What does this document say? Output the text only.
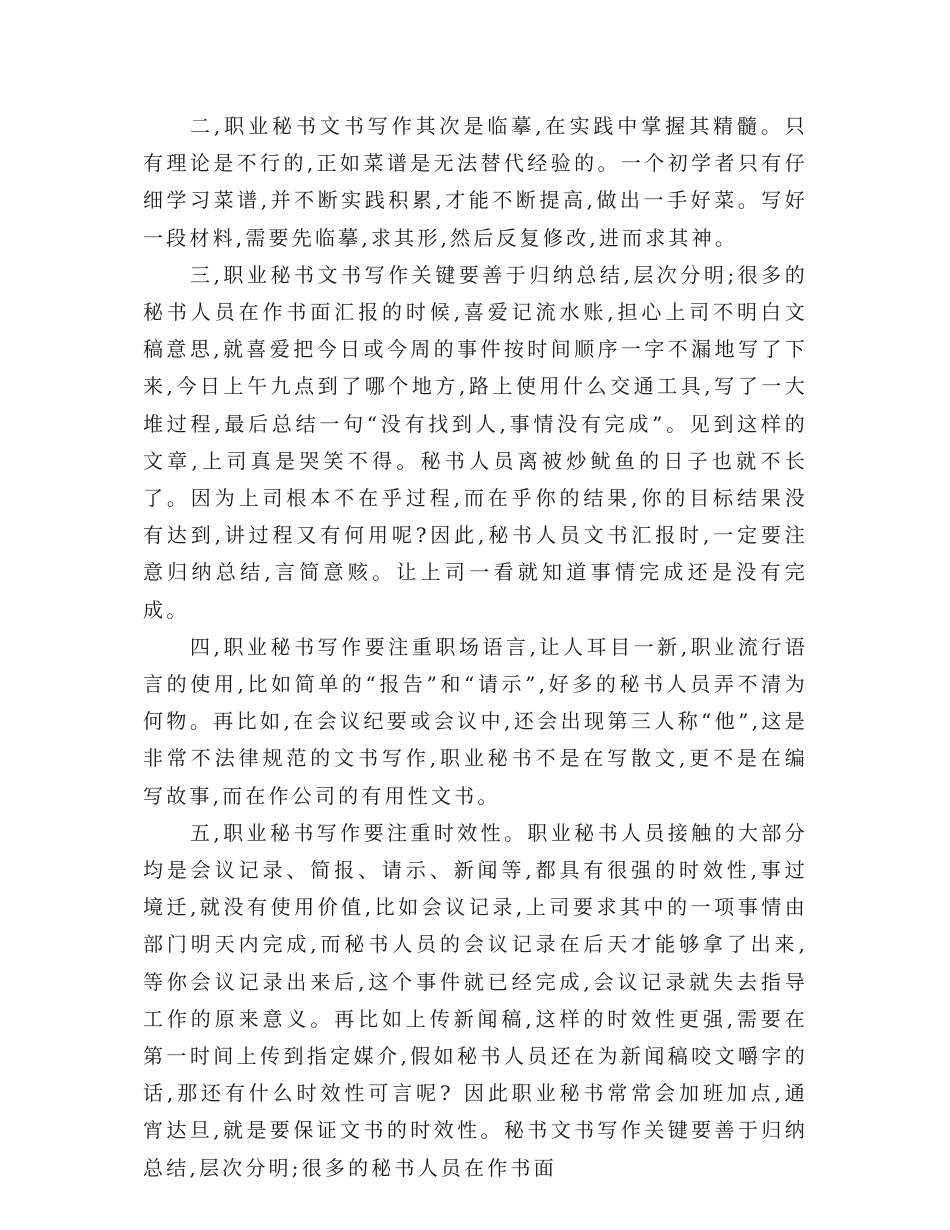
二,职业秘书文书写作其次是临摹,在实践中掌握其精髓。只有理论是不行的,正如菜谱是无法替代经验的。一个初学者只有仔细学习菜谱,并不断实践积累,才能不断提高,做出一手好菜。写好一段材料,需要先临摹,求其形,然后反复修改,进而求其神。

三,职业秘书文书写作关键要善于归纳总结,层次分明;很多的秘书人员在作书面汇报的时候,喜爱记流水账,担心上司不明白文稿意思,就喜爱把今日或今周的事件按时间顺序一字不漏地写了下来,今日上午九点到了哪个地方,路上使用什么交通工具,写了一大堆过程,最后总结一句“没有找到人,事情没有完成”。见到这样的文章,上司真是哭笑不得。秘书人员离被炒鱿鱼的日子也就不长了。因为上司根本不在乎过程,而在乎你的结果,你的目标结果没有达到,讲过程又有何用呢?因此,秘书人员文书汇报时,一定要注意归纳总结,言简意赅。让上司一看就知道事情完成还是没有完成。

四,职业秘书写作要注重职场语言,让人耳目一新,职业流行语言的使用,比如简单的“报告”和“请示”,好多的秘书人员弄不清为何物。再比如,在会议纪要或会议中,还会出现第三人称“他”,这是非常不法律规范的文书写作,职业秘书不是在写散文,更不是在编写故事,而在作公司的有用性文书。

五,职业秘书写作要注重时效性。职业秘书人员接触的大部分均是会议记录、简报、请示、新闻等,都具有很强的时效性,事过境迁,就没有使用价值,比如会议记录,上司要求其中的一项事情由部门明天内完成,而秘书人员的会议记录在后天才能够拿了出来,等你会议记录出来后,这个事件就已经完成,会议记录就失去指导工作的原来意义。再比如上传新闻稿,这样的时效性更强,需要在第一时间上传到指定媒介,假如秘书人员还在为新闻稿咬文嚼字的话,那还有什么时效性可言呢? 因此职业秘书常常会加班加点,通宵达旦,就是要保证文书的时效性。秘书文书写作关键要善于归纳总结,层次分明;很多的秘书人员在作书面
